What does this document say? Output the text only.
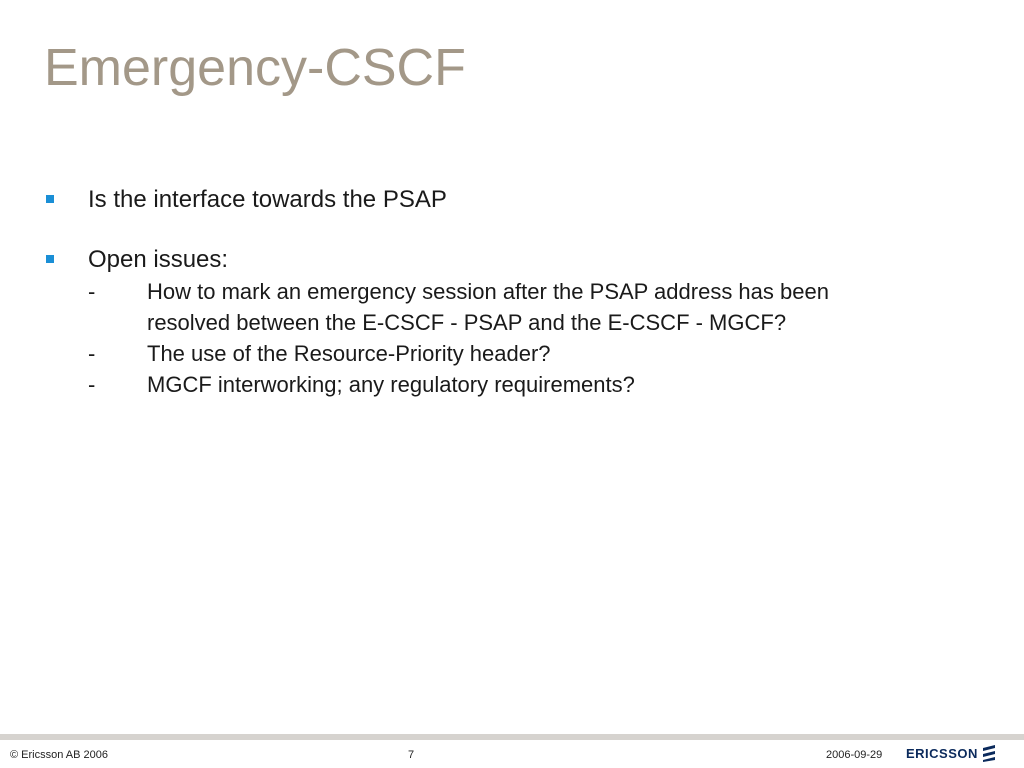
Emergency-CSCF
Is the interface towards the PSAP
Open issues:
- How to mark an emergency session after the PSAP address has been resolved between the E-CSCF - PSAP and the E-CSCF - MGCF?
- The use of the Resource-Priority header?
- MGCF interworking; any regulatory requirements?
© Ericsson AB 2006	7	2006-09-29 ERICSSON
